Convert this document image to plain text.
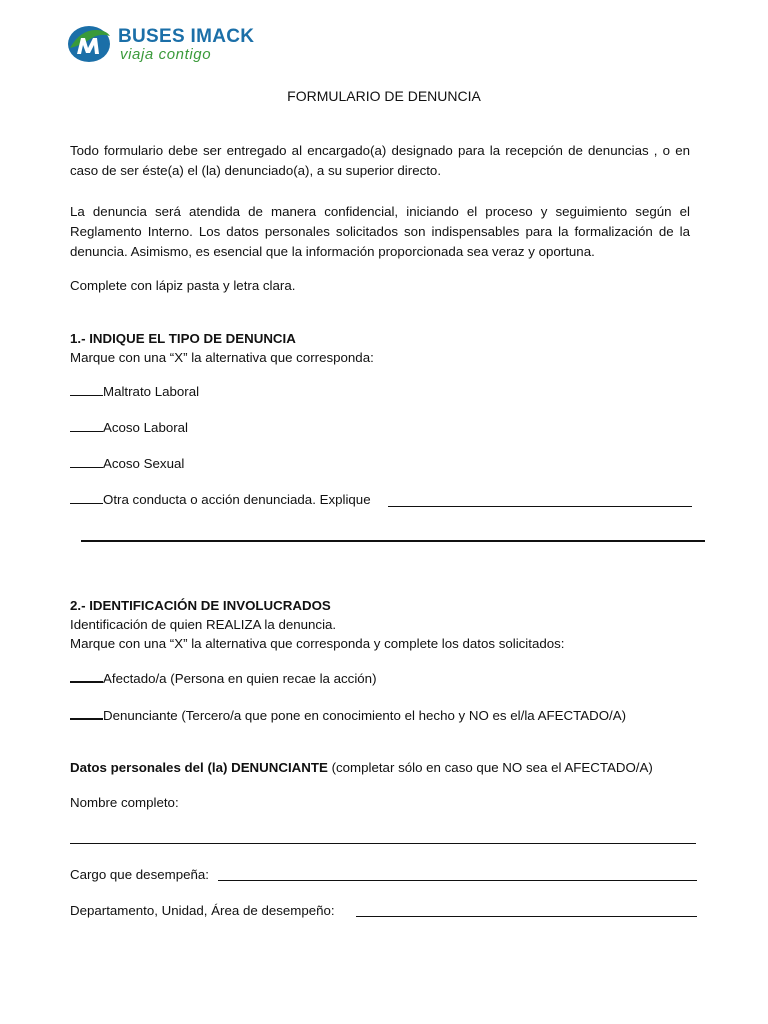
BUSES IMACK
viaja contigo
FORMULARIO DE DENUNCIA
Todo formulario debe ser entregado al encargado(a) designado para la recepción de denuncias , o en caso de ser éste(a) el (la) denunciado(a), a su superior directo.
La denuncia será atendida de manera confidencial, iniciando el proceso y seguimiento según el Reglamento Interno. Los datos personales solicitados son indispensables para la formalización de la denuncia. Asimismo, es esencial que la información proporcionada sea veraz y oportuna.
Complete con lápiz pasta y letra clara.
1.- INDIQUE EL TIPO DE DENUNCIA
Marque con una “X” la alternativa que corresponda:
Maltrato Laboral
Acoso Laboral
Acoso Sexual
Otra conducta o acción denunciada. Explique
2.- IDENTIFICACIÓN DE INVOLUCRADOS
Identificación de quien REALIZA la denuncia.
Marque con una “X” la alternativa que corresponda y complete los datos solicitados:
Afectado/a (Persona en quien recae la acción)
Denunciante (Tercero/a que pone en conocimiento el hecho y NO es el/la AFECTADO/A)
Datos personales del (la) DENUNCIANTE (completar sólo en caso que NO sea el AFECTADO/A)
Nombre completo:
Cargo que desempeña:
Departamento, Unidad, Área de desempeño:
